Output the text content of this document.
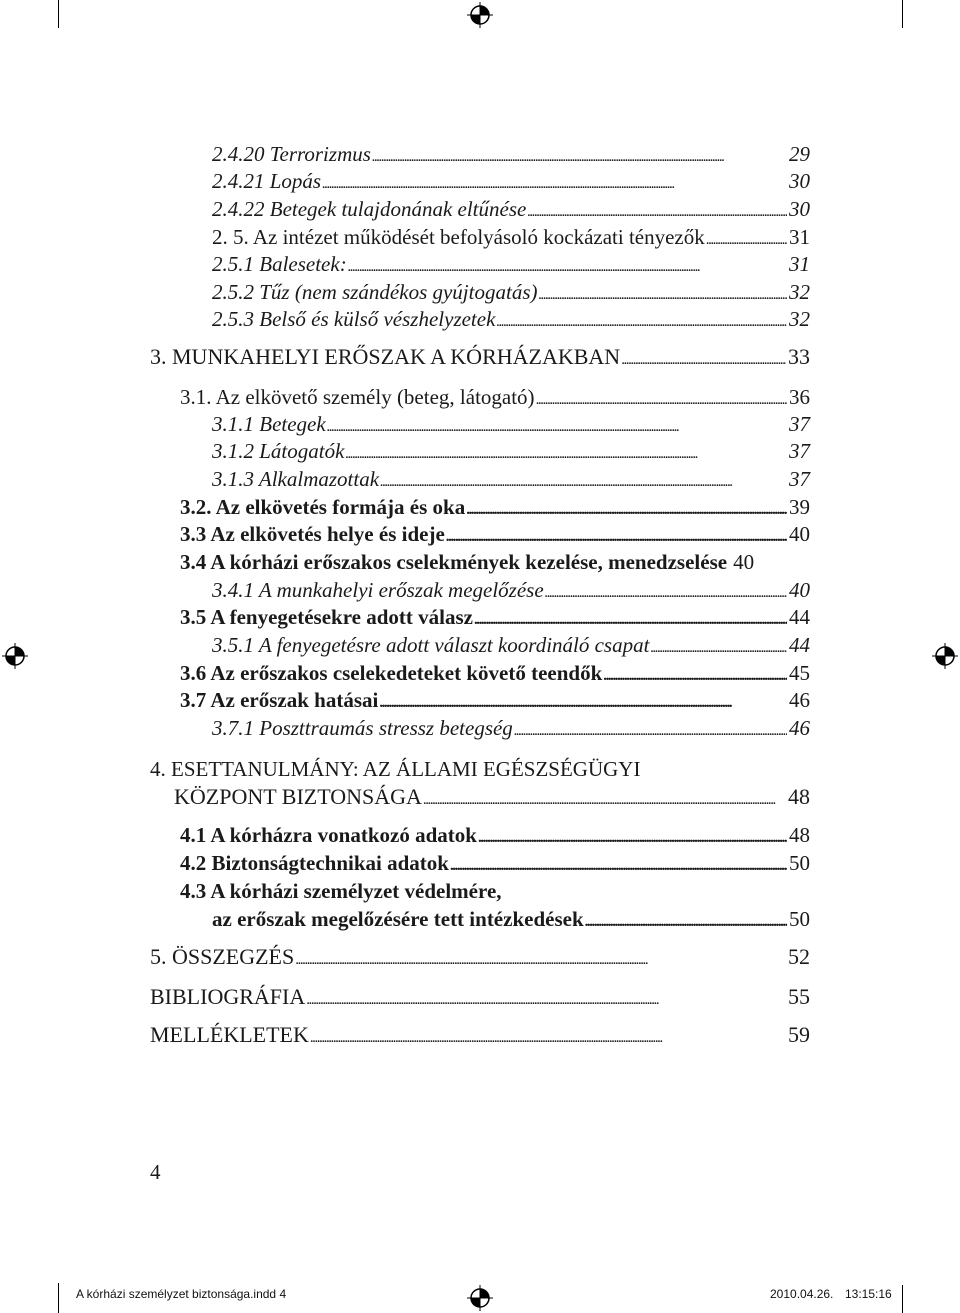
2.4.20 Terrorizmus . . .	29
2.4.21 Lopás . . .	30
2.4.22 Betegek tulajdonának eltűnése . . .	30
2. 5. Az intézet működését befolyásoló kockázati tényezők . . .	31
2.5.1 Balesetek: . . .	31
2.5.2 Tűz (nem szándékos gyújtogatás) . . .	32
2.5.3 Belső és külső vészhelyzetek . . .	32
3. MUNKAHELYI ERŐSZAK A KÓRHÁZAKBAN . . .	33
3.1. Az elkövető személy (beteg, látogató) . . .	36
3.1.1 Betegek . . .	37
3.1.2 Látogatók . . .	37
3.1.3 Alkalmazottak . . .	37
3.2. Az elkövetés formája és oka . . .	39
3.3 Az elkövetés helye és ideje . . .	40
3.4 A kórházi erőszakos cselekmények kezelése, menedzselése 40
3.4.1 A munkahelyi erőszak megelőzése . . .	40
3.5 A fenyegetésekre adott válasz . . .	44
3.5.1 A fenyegetésre adott választ koordináló csapat . . .	44
3.6 Az erőszakos cselekedeteket követő teendők . . .	45
3.7 Az erőszak hatásai . . .	46
3.7.1 Poszttraumás stressz betegség . . .	46
4. ESETTANULMÁNY: AZ ÁLLAMI EGÉSZSÉGÜGYI
KÖZPONT BIZTONSÁGA . . .	48
4.1 A kórházra vonatkozó adatok . . .	48
4.2 Biztonságtechnikai adatok . . .	50
4.3 A kórházi személyzet védelmére,
az erőszak megelőzésére tett intézkedések . . .	50
5. ÖSSZEGZÉS . . .	52
BIBLIOGRÁFIA . . .	55
MELLÉKLETEK . . .	59
4
A kórházi személyzet biztonsága.indd 4	2010.04.26. 13:15:16
